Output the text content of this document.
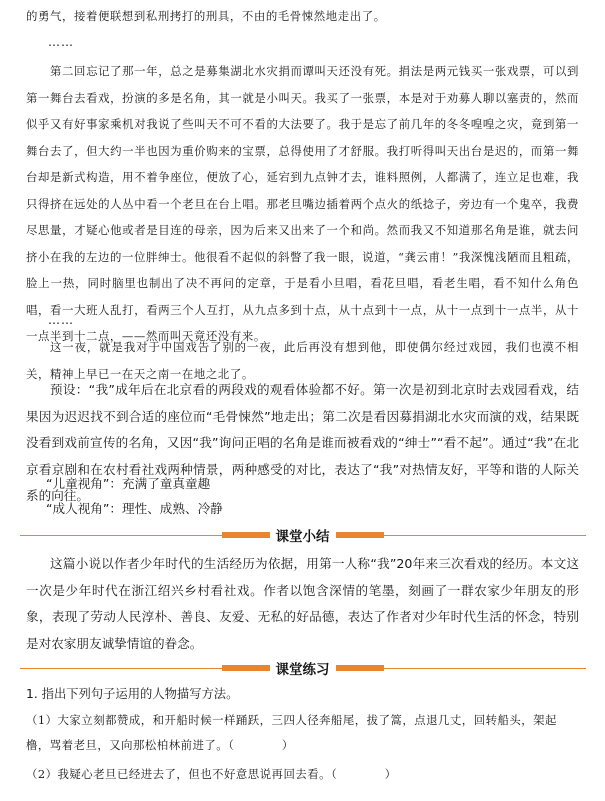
的勇气，接着便联想到私刑拷打的刑具，不由的毛骨悚然地走出了。
……
第二回忘记了那一年，总之是募集湖北水灾捐而谭叫天还没有死。捐法是两元钱买一张戏票，可以到第一舞台去看戏，扮演的多是名角，其一就是小叫天。我买了一张票，本是对于劝募人聊以塞责的，然而似乎又有好事家乘机对我说了些叫天不可不看的大法要了。我于是忘了前几年的冬冬喤喤之灾，竟到第一舞台去了，但大约一半也因为重价购来的宝票，总得使用了才舒服。我打听得叫天出台是迟的，而第一舞台却是新式构造，用不着争座位，便放了心，延宕到九点钟才去，谁料照例，人都满了，连立足也难，我只得挤在远处的人丛中看一个老旦在台上唱。那老旦嘴边插着两个点火的纸捻子，旁边有一个鬼卒，我费尽思量，才疑心他或者是目连的母亲，因为后来又出来了一个和尚。然而我又不知道那名角是谁，就去问挤小在我的左边的一位胖绅士。他很看不起似的斜瞥了我一眼，说道，“龚云甫！”我深愧浅陋而且粗疏，脸上一热，同时脑里也制出了决不再问的定章，于是看小旦唱，看花旦唱，看老生唱，看不知什么角色唱，看一大班人乱打，看两三个人互打，从九点多到十点，从十点到十一点，从十一点到十一点半，从十一点半到十二点，——然而叫天竟还没有来。
……
这一夜，就是我对于中国戏告了别的一夜，此后再没有想到他，即使偶尔经过戏园，我们也漠不相关，精神上早已一在天之南一在地之北了。
预设：“我”成年后在北京看的两段戏的观看体验都不好。第一次是初到北京时去戏园看戏，结果因为迟迟找不到合适的座位而“毛骨悚然”地走出；第二次是看因募捐湖北水灾而演的戏，结果既没看到戏前宣传的名角，又因“我”询问正唱的名角是谁而被看戏的“绅士”“看不起”。通过“我”在北京看京剧和在农村看社戏两种情景，两种感受的对比，表达了“我”对热情友好，平等和谐的人际关系的向往。
“儿童视角”：充满了童真童趣
“成人视角”：理性、成熟、冷静
课堂小结
这篇小说以作者少年时代的生活经历为依据，用第一人称“我”20年来三次看戏的经历。本文这一次是少年时代在浙江绍兴乡村看社戏。作者以饱含深情的笔墨，刻画了一群农家少年朋友的形象，表现了劳动人民淳朴、善良、友爱、无私的好品德，表达了作者对少年时代生活的怀念，特别是对农家朋友诚挚情谊的眷念。
课堂练习
1. 指出下列句子运用的人物描写方法。
（1）大家立刻都赞成，和开船时候一样踊跃，三四人径奔船尾，拔了篙，点退几丈，回转船头，架起橹，骂着老旦，又向那松柏林前进了。（　　　　）
（2）我疑心老旦已经进去了，但也不好意思说再回去看。（　　　　）
